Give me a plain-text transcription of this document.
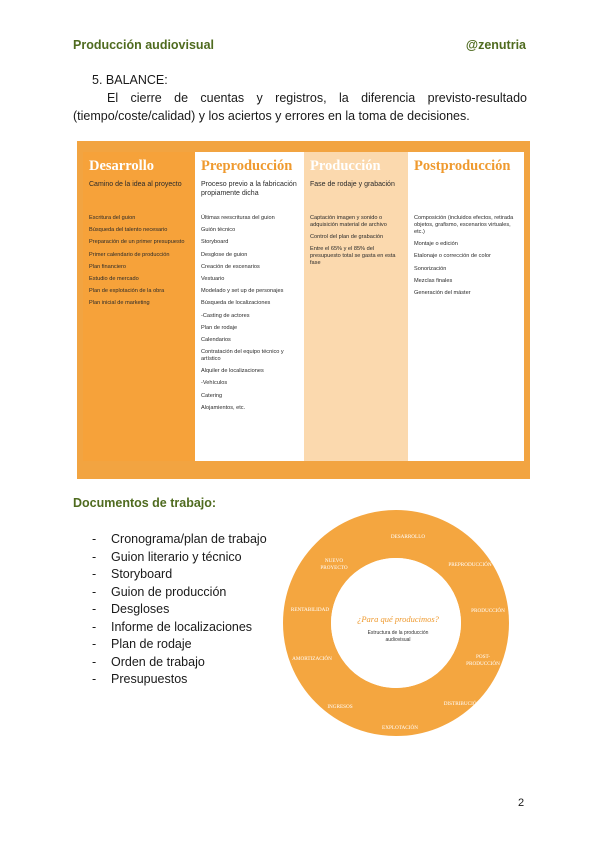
Producción audiovisual	@zenutria
5. BALANCE:
El cierre de cuentas y registros, la diferencia previsto-resultado (tiempo/coste/calidad) y los aciertos y errores en la toma de decisiones.
Desarrollo
Camino de la idea al proyecto
Escritura del guion
Búsqueda del talento necesario
Preparación de un primer presupuesto
Primer calendario de producción
Plan financiero
Estudio de mercado
Plan de explotación de la obra
Plan inicial de marketing
Preproducción
Proceso previo a la fabricación propiamente dicha
Últimas reescrituras del guion
Guión técnico
Storyboard
Desglose de guion
Creación de escenarios
Vestuario
Modelado y set up de personajes
Búsqueda de localizaciones
-Casting de actores
Plan de rodaje
Calendarios
Contratación del equipo técnico y artístico
Alquiler de localizaciones
-Vehículos
Catering
Alojamientos, etc.
Producción
Fase de rodaje y grabación
Captación imagen y sonido o adquisición material de archivo
Control del plan de grabación
Entre el 65% y el 85% del presupuesto total se gasta en esta fase
Postproducción
Composición (incluidos efectos, retirada objetos, grafismo, escenarios virtuales, etc.)
Montaje o edición
Etalonaje o corrección de color
Sonorización
Mezclas finales
Generación del máster
Documentos de trabajo:
- Cronograma/plan de trabajo
- Guion literario y técnico
- Storyboard
- Guion de producción
- Desgloses
- Informe de localizaciones
- Plan de rodaje
- Orden de trabajo
- Presupuestos
DESARROLLO
PREPRODUCCIÓN
PRODUCCIÓN
POST-
PRODUCCIÓN
DISTRIBUCIÓN
EXPLOTACIÓN
INGRESOS
AMORTIZACIÓN
RENTABILIDAD
NUEVO
PROYECTO
¿Para qué producimos?
Estructura de la producción
audiovisual
2
